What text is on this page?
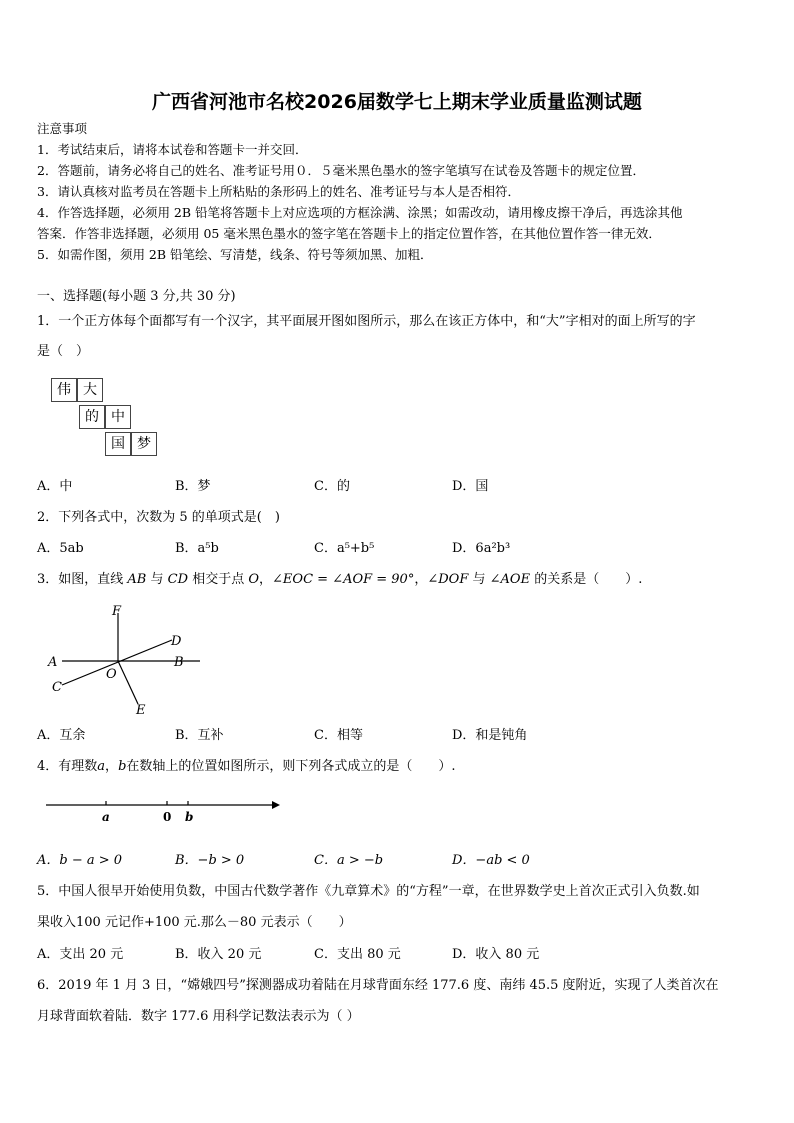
广西省河池市名校2026届数学七上期末学业质量监测试题
注意事项
1．考试结束后，请将本试卷和答题卡一并交回．
2．答题前，请务必将自己的姓名、准考证号用０．５毫米黑色墨水的签字笔填写在试卷及答题卡的规定位置．
3．请认真核对监考员在答题卡上所粘贴的条形码上的姓名、准考证号与本人是否相符．
4．作答选择题，必须用 2B 铅笔将答题卡上对应选项的方框涂满、涂黑；如需改动，请用橡皮擦干净后，再选涂其他
答案．作答非选择题，必须用 05 毫米黑色墨水的签字笔在答题卡上的指定位置作答，在其他位置作答一律无效．
5．如需作图，须用 2B 铅笔绘、写清楚，线条、符号等须加黑、加粗．
一、选择题(每小题 3 分,共 30 分)
1．一个正方体每个面都写有一个汉字，其平面展开图如图所示，那么在该正方体中，和“大”字相对的面上所写的字
是（　）
伟 大
的 中
国 梦
A．中	B．梦	C．的	D．国
2．下列各式中，次数为 5 的单项式是(　)
A．5ab	B．a⁵b	C．a⁵+b⁵	D．6a²b³
3．如图，直线 AB 与 CD 相交于点 O，∠EOC = ∠AOF = 90°，∠DOF 与 ∠AOE 的关系是（　　）.
F
D
A	B
O
C
E
A．互余	B．互补	C．相等	D．和是钝角
4．有理数a，b在数轴上的位置如图所示，则下列各式成立的是（　　）.
a	0 b
A．b − a > 0	B．−b > 0	C．a > −b	D．−ab < 0
5．中国人很早开始使用负数，中国古代数学著作《九章算术》的“方程”一章，在世界数学史上首次正式引入负数.如
果收入100 元记作+100 元.那么－80 元表示（　　）
A．支出 20 元	B．收入 20 元	C．支出 80 元	D．收入 80 元
6．2019 年 1 月 3 日，“嫦娥四号”探测器成功着陆在月球背面东经 177.6 度、南纬 45.5 度附近，实现了人类首次在
月球背面软着陆．数字 177.6 用科学记数法表示为（ ）
